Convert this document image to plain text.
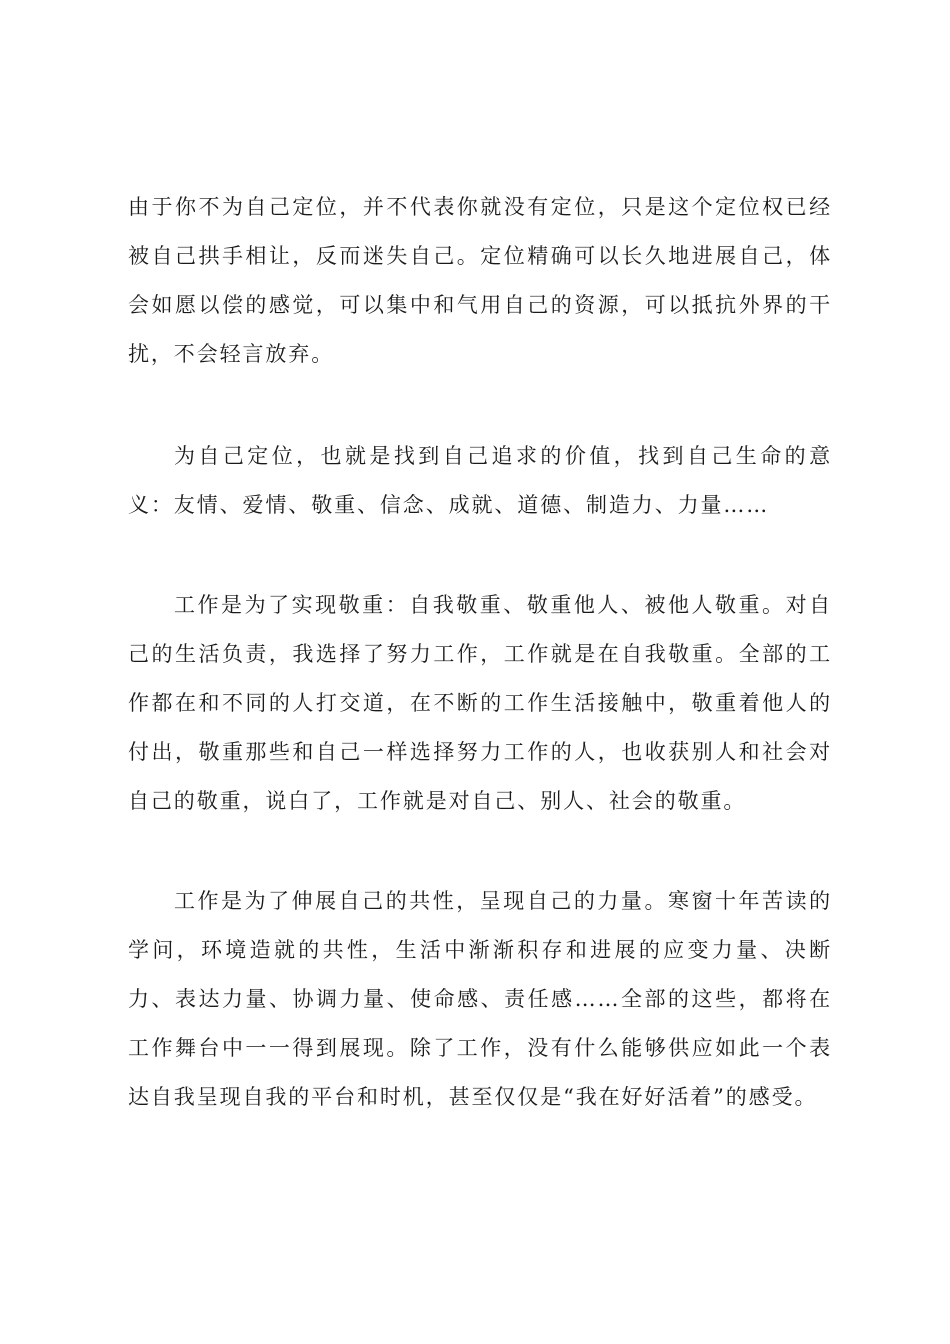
由于你不为自己定位，并不代表你就没有定位，只是这个定位权已经被自己拱手相让，反而迷失自己。定位精确可以长久地进展自己，体会如愿以偿的感觉，可以集中和气用自己的资源，可以抵抗外界的干扰，不会轻言放弃。

为自己定位，也就是找到自己追求的价值，找到自己生命的意义：友情、爱情、敬重、信念、成就、道德、制造力、力量……

工作是为了实现敬重：自我敬重、敬重他人、被他人敬重。对自己的生活负责，我选择了努力工作，工作就是在自我敬重。全部的工作都在和不同的人打交道，在不断的工作生活接触中，敬重着他人的付出，敬重那些和自己一样选择努力工作的人，也收获别人和社会对自己的敬重，说白了，工作就是对自己、别人、社会的敬重。

工作是为了伸展自己的共性，呈现自己的力量。寒窗十年苦读的学问，环境造就的共性，生活中渐渐积存和进展的应变力量、决断力、表达力量、协调力量、使命感、责任感……全部的这些，都将在工作舞台中一一得到展现。除了工作，没有什么能够供应如此一个表达自我呈现自我的平台和时机，甚至仅仅是“我在好好活着”的感受。
